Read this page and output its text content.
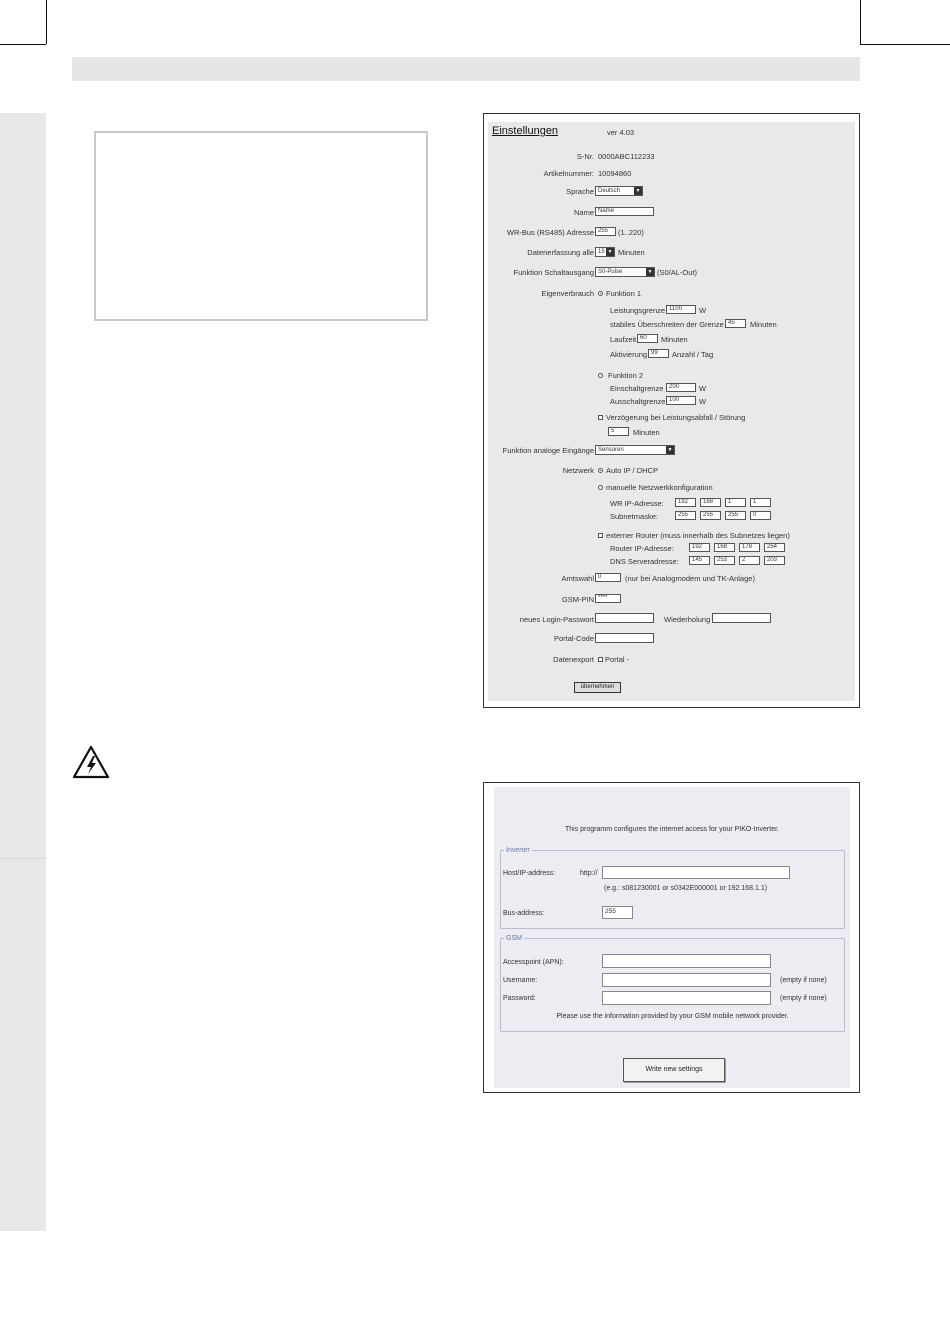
Einstellungen	ver 4.03
S-Nr. 0000ABC112233
Artikelnummer: 10094860
Sprache Deutsch	▼
Name Name
WR-Bus (RS485) Adresse 255	(1..220)
Datenerfassung alle 15 ▼ Minuten
Funktion Schaltausgang S0-Pulse	▼ (S0/AL-Out)
Eigenverbrauch Funktion 1
Leistungsgrenze 1100	W
stabiles Überschreiten der Grenze 45	Minuten
Laufzeit 60	Minuten
Aktivierung 99	Anzahl / Tag
Funktion 2
Einschaltgrenze 200	W
Ausschaltgrenze 100	W
Verzögerung bei Leistungsabfall / Störung
5	Minuten
Funktion analoge Eingänge Sensoren	▼
Netzwerk Auto IP / DHCP
manuelle Netzwerkkonfiguration
WR IP-Adresse:	192	168	1	1
Subnetmaske:	255	255	255	0
externer Router (muss innerhalb des Subnetzes liegen)
Router IP-Adresse:	192	168	178	254
DNS Serveradresse:	145	253	2	203
Amtswahl 0	(nur bei Analogmodem und TK-Anlage)
GSM-PIN ****
neues Login-Passwort	Wiederholung
Portal-Code
Datenexport Portal -
übernehmen
This programm configures the internet access for your PIKO-Inverter.
Inverter
Host/IP-address:	http://
(e.g.: s081230001 or s0342E000001 or 192.168.1.1)
Bus-address:	255
GSM
Accesspoint (APN):
Username:	(empty if none)
Password:	(empty if none)
Please use the information provided by your GSM mobile network provider.
Write new settings
